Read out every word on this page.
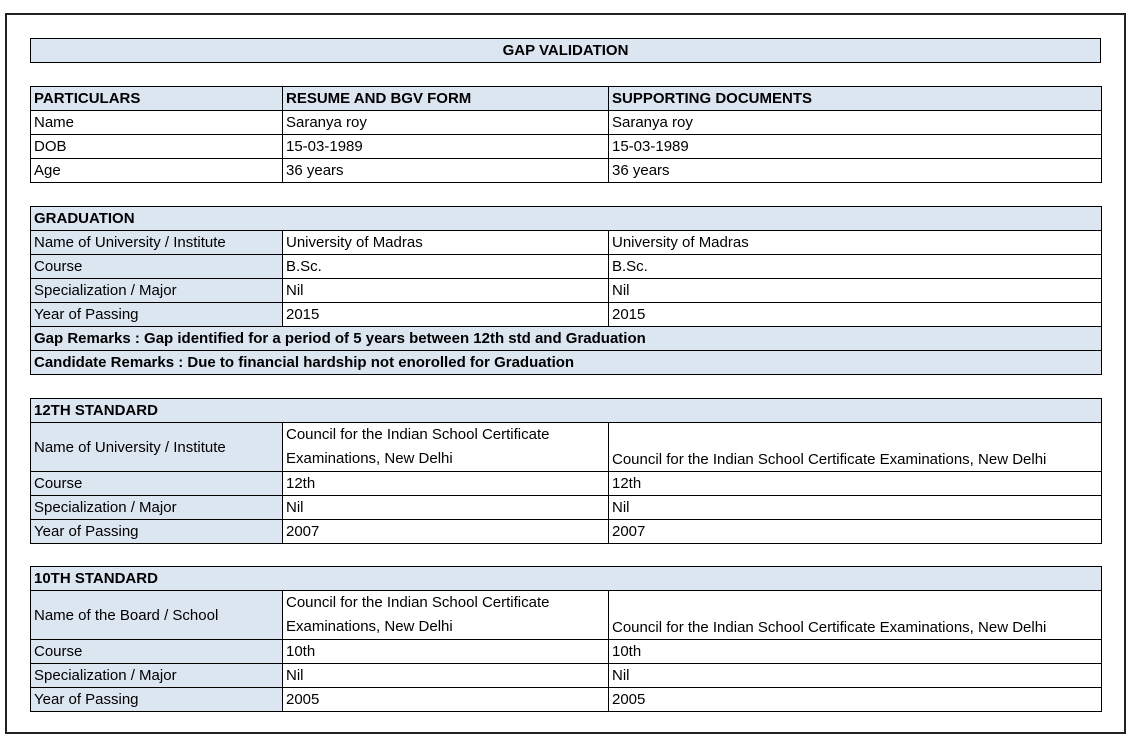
GAP VALIDATION
PARTICULARS	RESUME AND BGV FORM	SUPPORTING DOCUMENTS
Name	Saranya roy	Saranya roy
DOB	15-03-1989	15-03-1989
Age	36 years	36 years
GRADUATION		
Name of University / Institute	University of Madras	University of Madras
Course	B.Sc.	B.Sc.
Specialization / Major	Nil	Nil
Year of Passing	2015	2015
Gap Remarks : Gap identified for a period of 5 years between 12th std and Graduation		
Candidate Remarks : Due to financial hardship not enorolled for Graduation		
12TH STANDARD		
Name of University / Institute	Council for the Indian School Certificate Examinations, New Delhi	Council for the Indian School Certificate Examinations, New Delhi
Course	12th	12th
Specialization / Major	Nil	Nil
Year of Passing	2007	2007
10TH STANDARD		
Name of the Board / School	Council for the Indian School Certificate Examinations, New Delhi	Council for the Indian School Certificate Examinations, New Delhi
Course	10th	10th
Specialization / Major	Nil	Nil
Year of Passing	2005	2005
